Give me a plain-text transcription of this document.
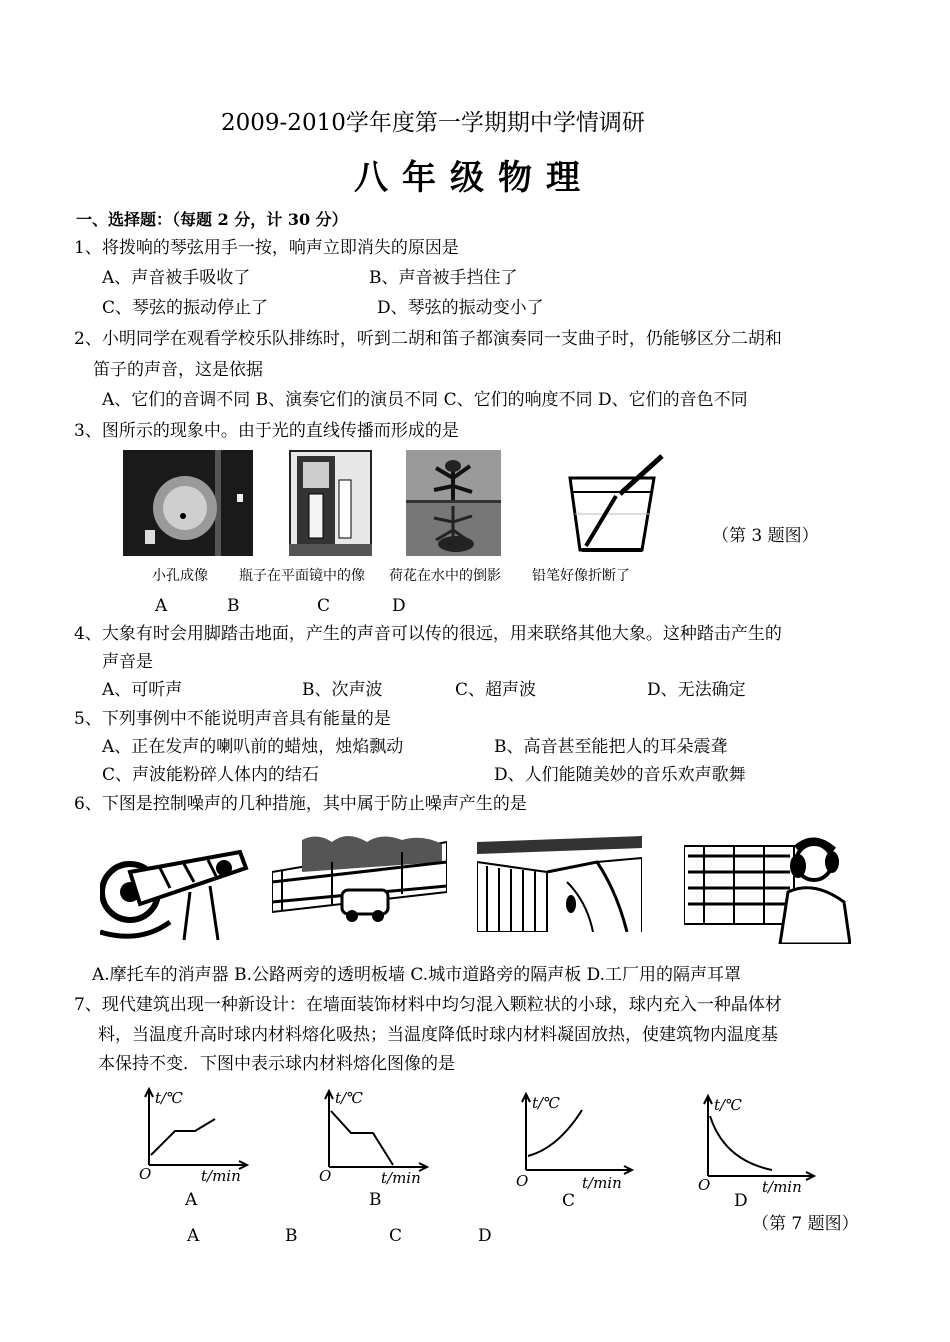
2009-2010学年度第一学期期中学情调研
八年级物理
一、选择题：（每题 2 分，计 30 分）
1、将拨响的琴弦用手一按，响声立即消失的原因是
A、声音被手吸收了	B、声音被手挡住了
C、琴弦的振动停止了	D、琴弦的振动变小了
2、小明同学在观看学校乐队排练时，听到二胡和笛子都演奏同一支曲子时，仍能够区分二胡和
笛子的声音，这是依据
A、它们的音调不同 B、演奏它们的演员不同 C、它们的响度不同 D、它们的音色不同
3、图所示的现象中。由于光的直线传播而形成的是
（第 3 题图）
小孔成像 瓶子在平面镜中的像 荷花在水中的倒影 铅笔好像折断了
A	B	C	D
4、大象有时会用脚踏击地面，产生的声音可以传的很远，用来联络其他大象。这种踏击产生的
声音是
A、可听声	B、次声波	C、超声波	D、无法确定
5、下列事例中不能说明声音具有能量的是
A、正在发声的喇叭前的蜡烛，烛焰飘动	B、高音甚至能把人的耳朵震聋
C、声波能粉碎人体内的结石	D、人们能随美妙的音乐欢声歌舞
6、下图是控制噪声的几种措施，其中属于防止噪声产生的是
A.摩托车的消声器 B.公路两旁的透明板墙 C.城市道路旁的隔声板 D.工厂用的隔声耳罩
7、现代建筑出现一种新设计：在墙面装饰材料中均匀混入颗粒状的小球，球内充入一种晶体材
料，当温度升高时球内材料熔化吸热；当温度降低时球内材料凝固放热，使建筑物内温度基
本保持不变．下图中表示球内材料熔化图像的是
t/℃
O	t/min
A
t/℃
O	t/min
B
t/℃
O	t/min
C
t/℃
O	t/min
D
（第 7 题图）
A	B	C	D
